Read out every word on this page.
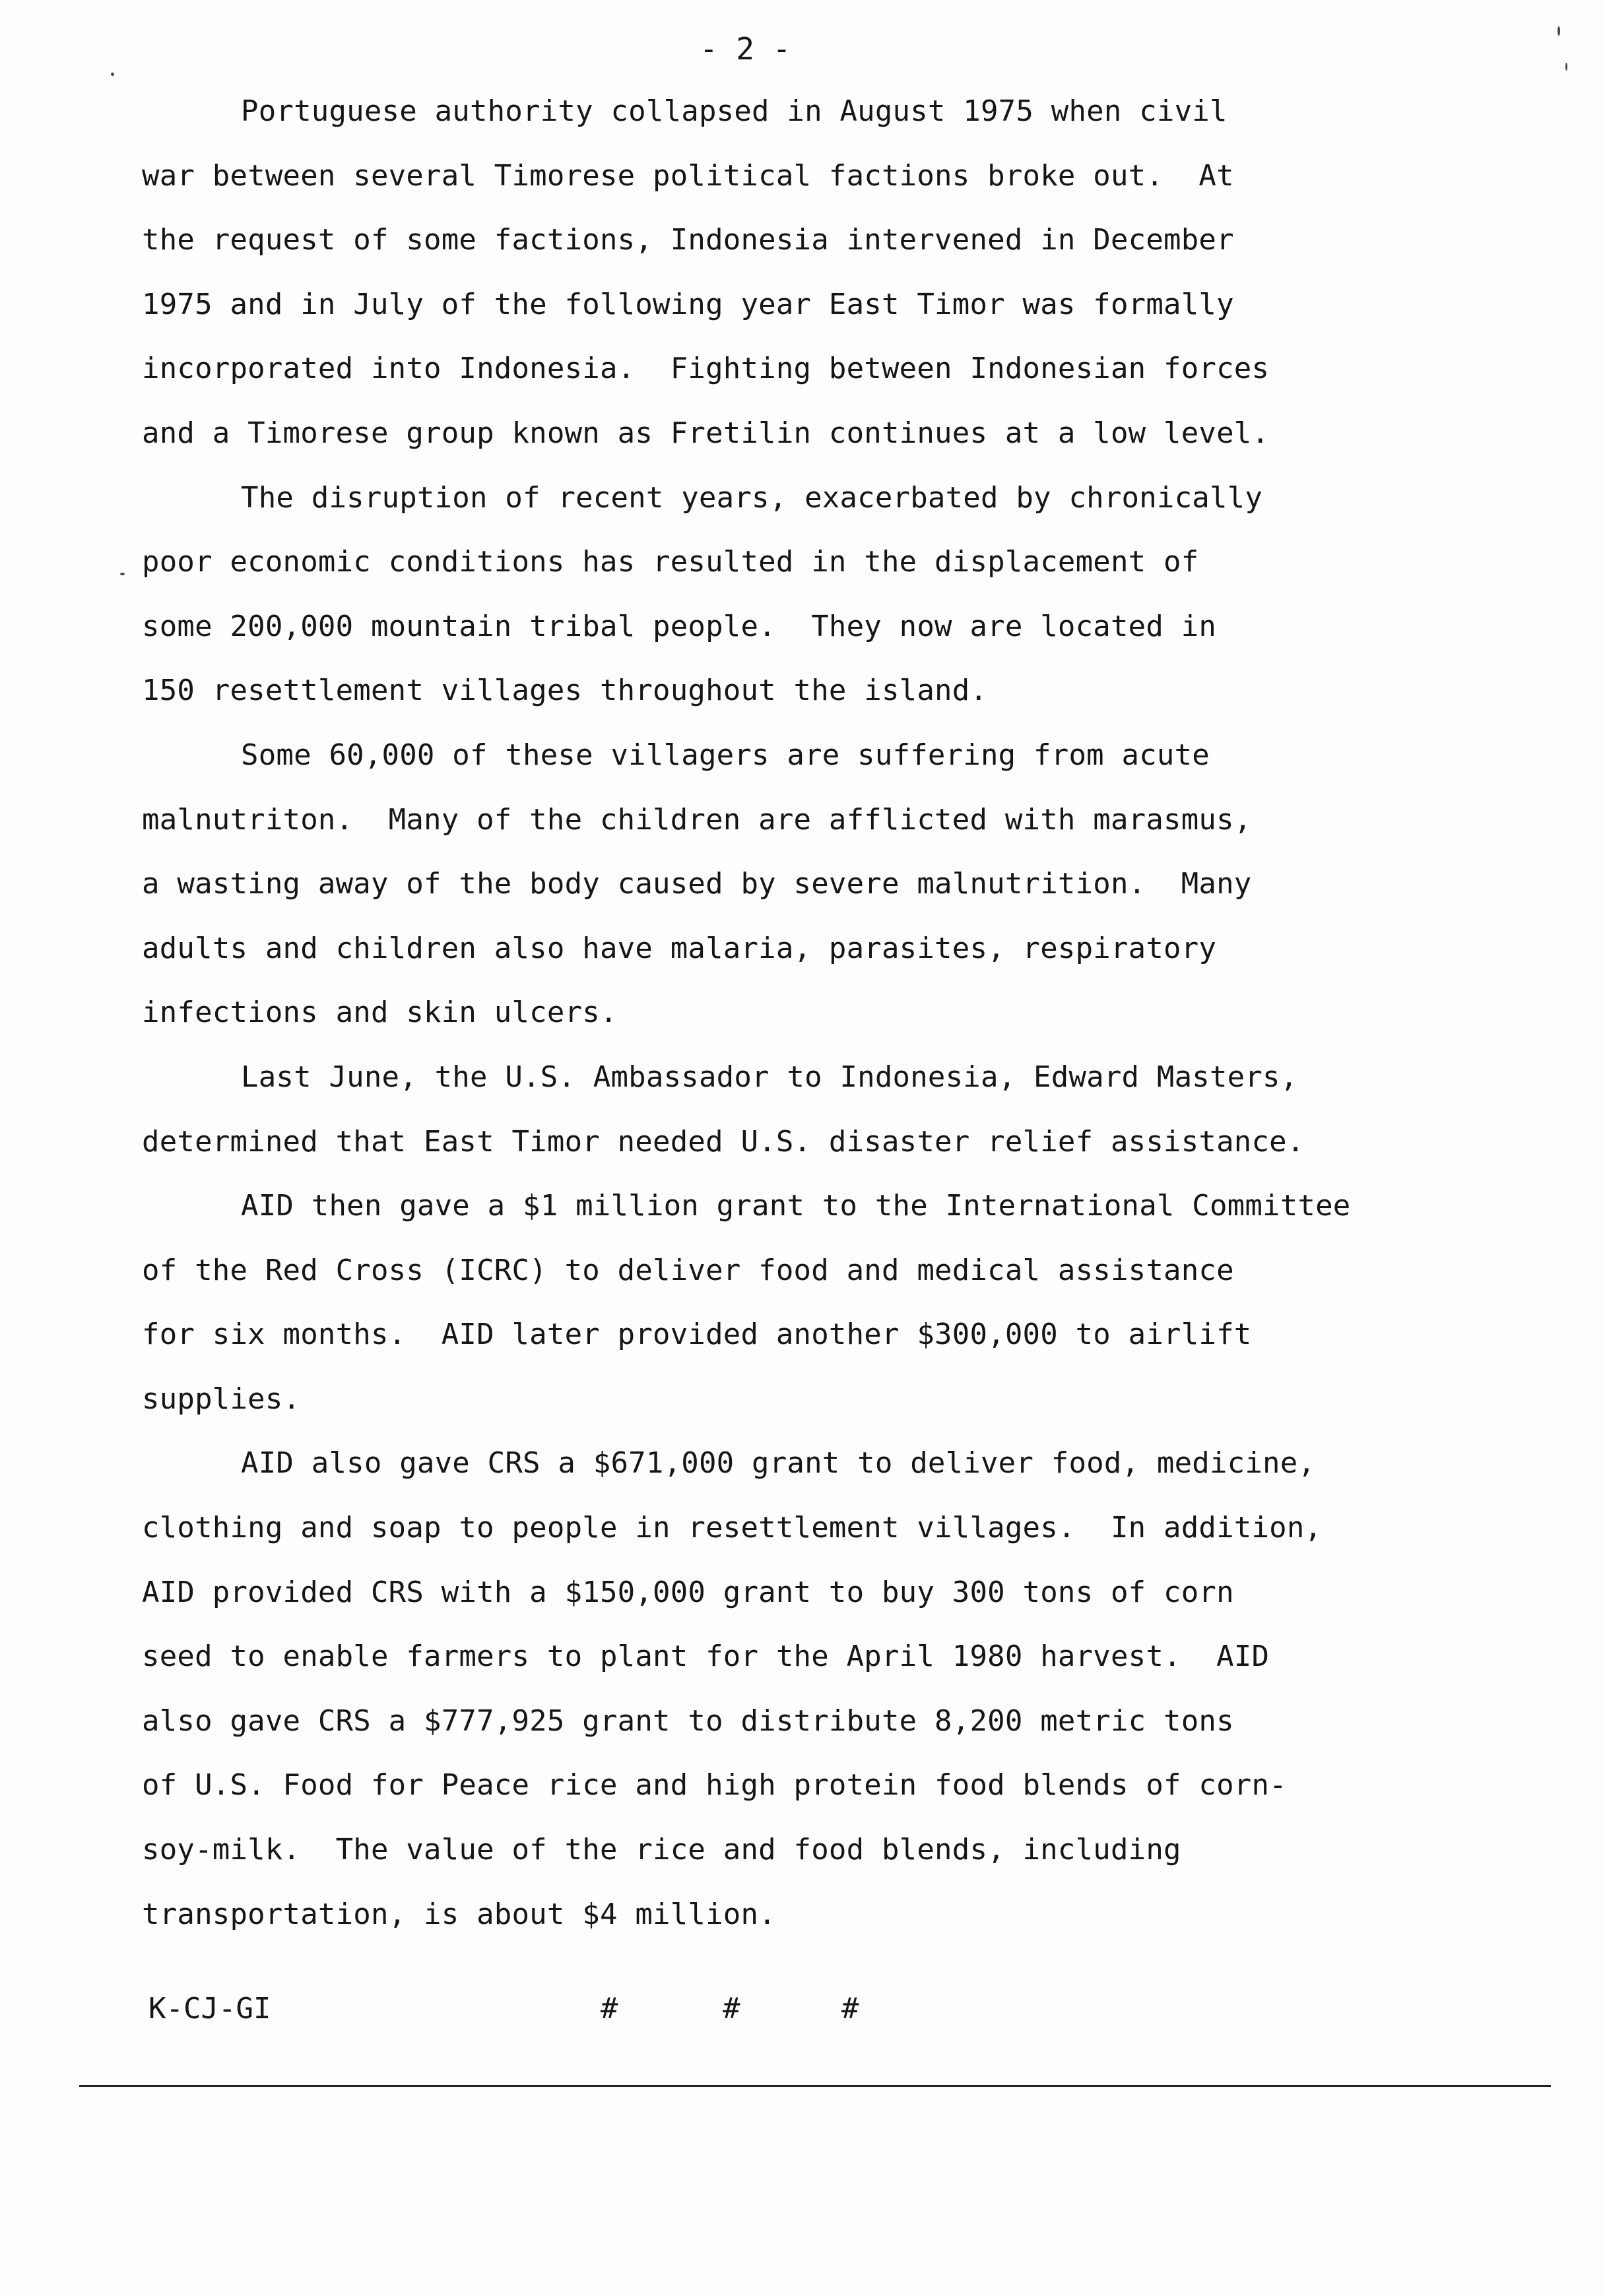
- 2 -
Portuguese authority collapsed in August 1975 when civil
war between several Timorese political factions broke out.  At
the request of some factions, Indonesia intervened in December
1975 and in July of the following year East Timor was formally
incorporated into Indonesia.  Fighting between Indonesian forces
and a Timorese group known as Fretilin continues at a low level.
The disruption of recent years, exacerbated by chronically
poor economic conditions has resulted in the displacement of
some 200,000 mountain tribal people.  They now are located in
150 resettlement villages throughout the island.
Some 60,000 of these villagers are suffering from acute
malnutriton.  Many of the children are afflicted with marasmus,
a wasting away of the body caused by severe malnutrition.  Many
adults and children also have malaria, parasites, respiratory
infections and skin ulcers.
Last June, the U.S. Ambassador to Indonesia, Edward Masters,
determined that East Timor needed U.S. disaster relief assistance.
AID then gave a $1 million grant to the International Committee
of the Red Cross (ICRC) to deliver food and medical assistance
for six months.  AID later provided another $300,000 to airlift
supplies.
AID also gave CRS a $671,000 grant to deliver food, medicine,
clothing and soap to people in resettlement villages.  In addition,
AID provided CRS with a $150,000 grant to buy 300 tons of corn
seed to enable farmers to plant for the April 1980 harvest.  AID
also gave CRS a $777,925 grant to distribute 8,200 metric tons
of U.S. Food for Peace rice and high protein food blends of corn-
soy-milk.  The value of the rice and food blends, including
transportation, is about $4 million.
K-CJ-GI	#	#	#
